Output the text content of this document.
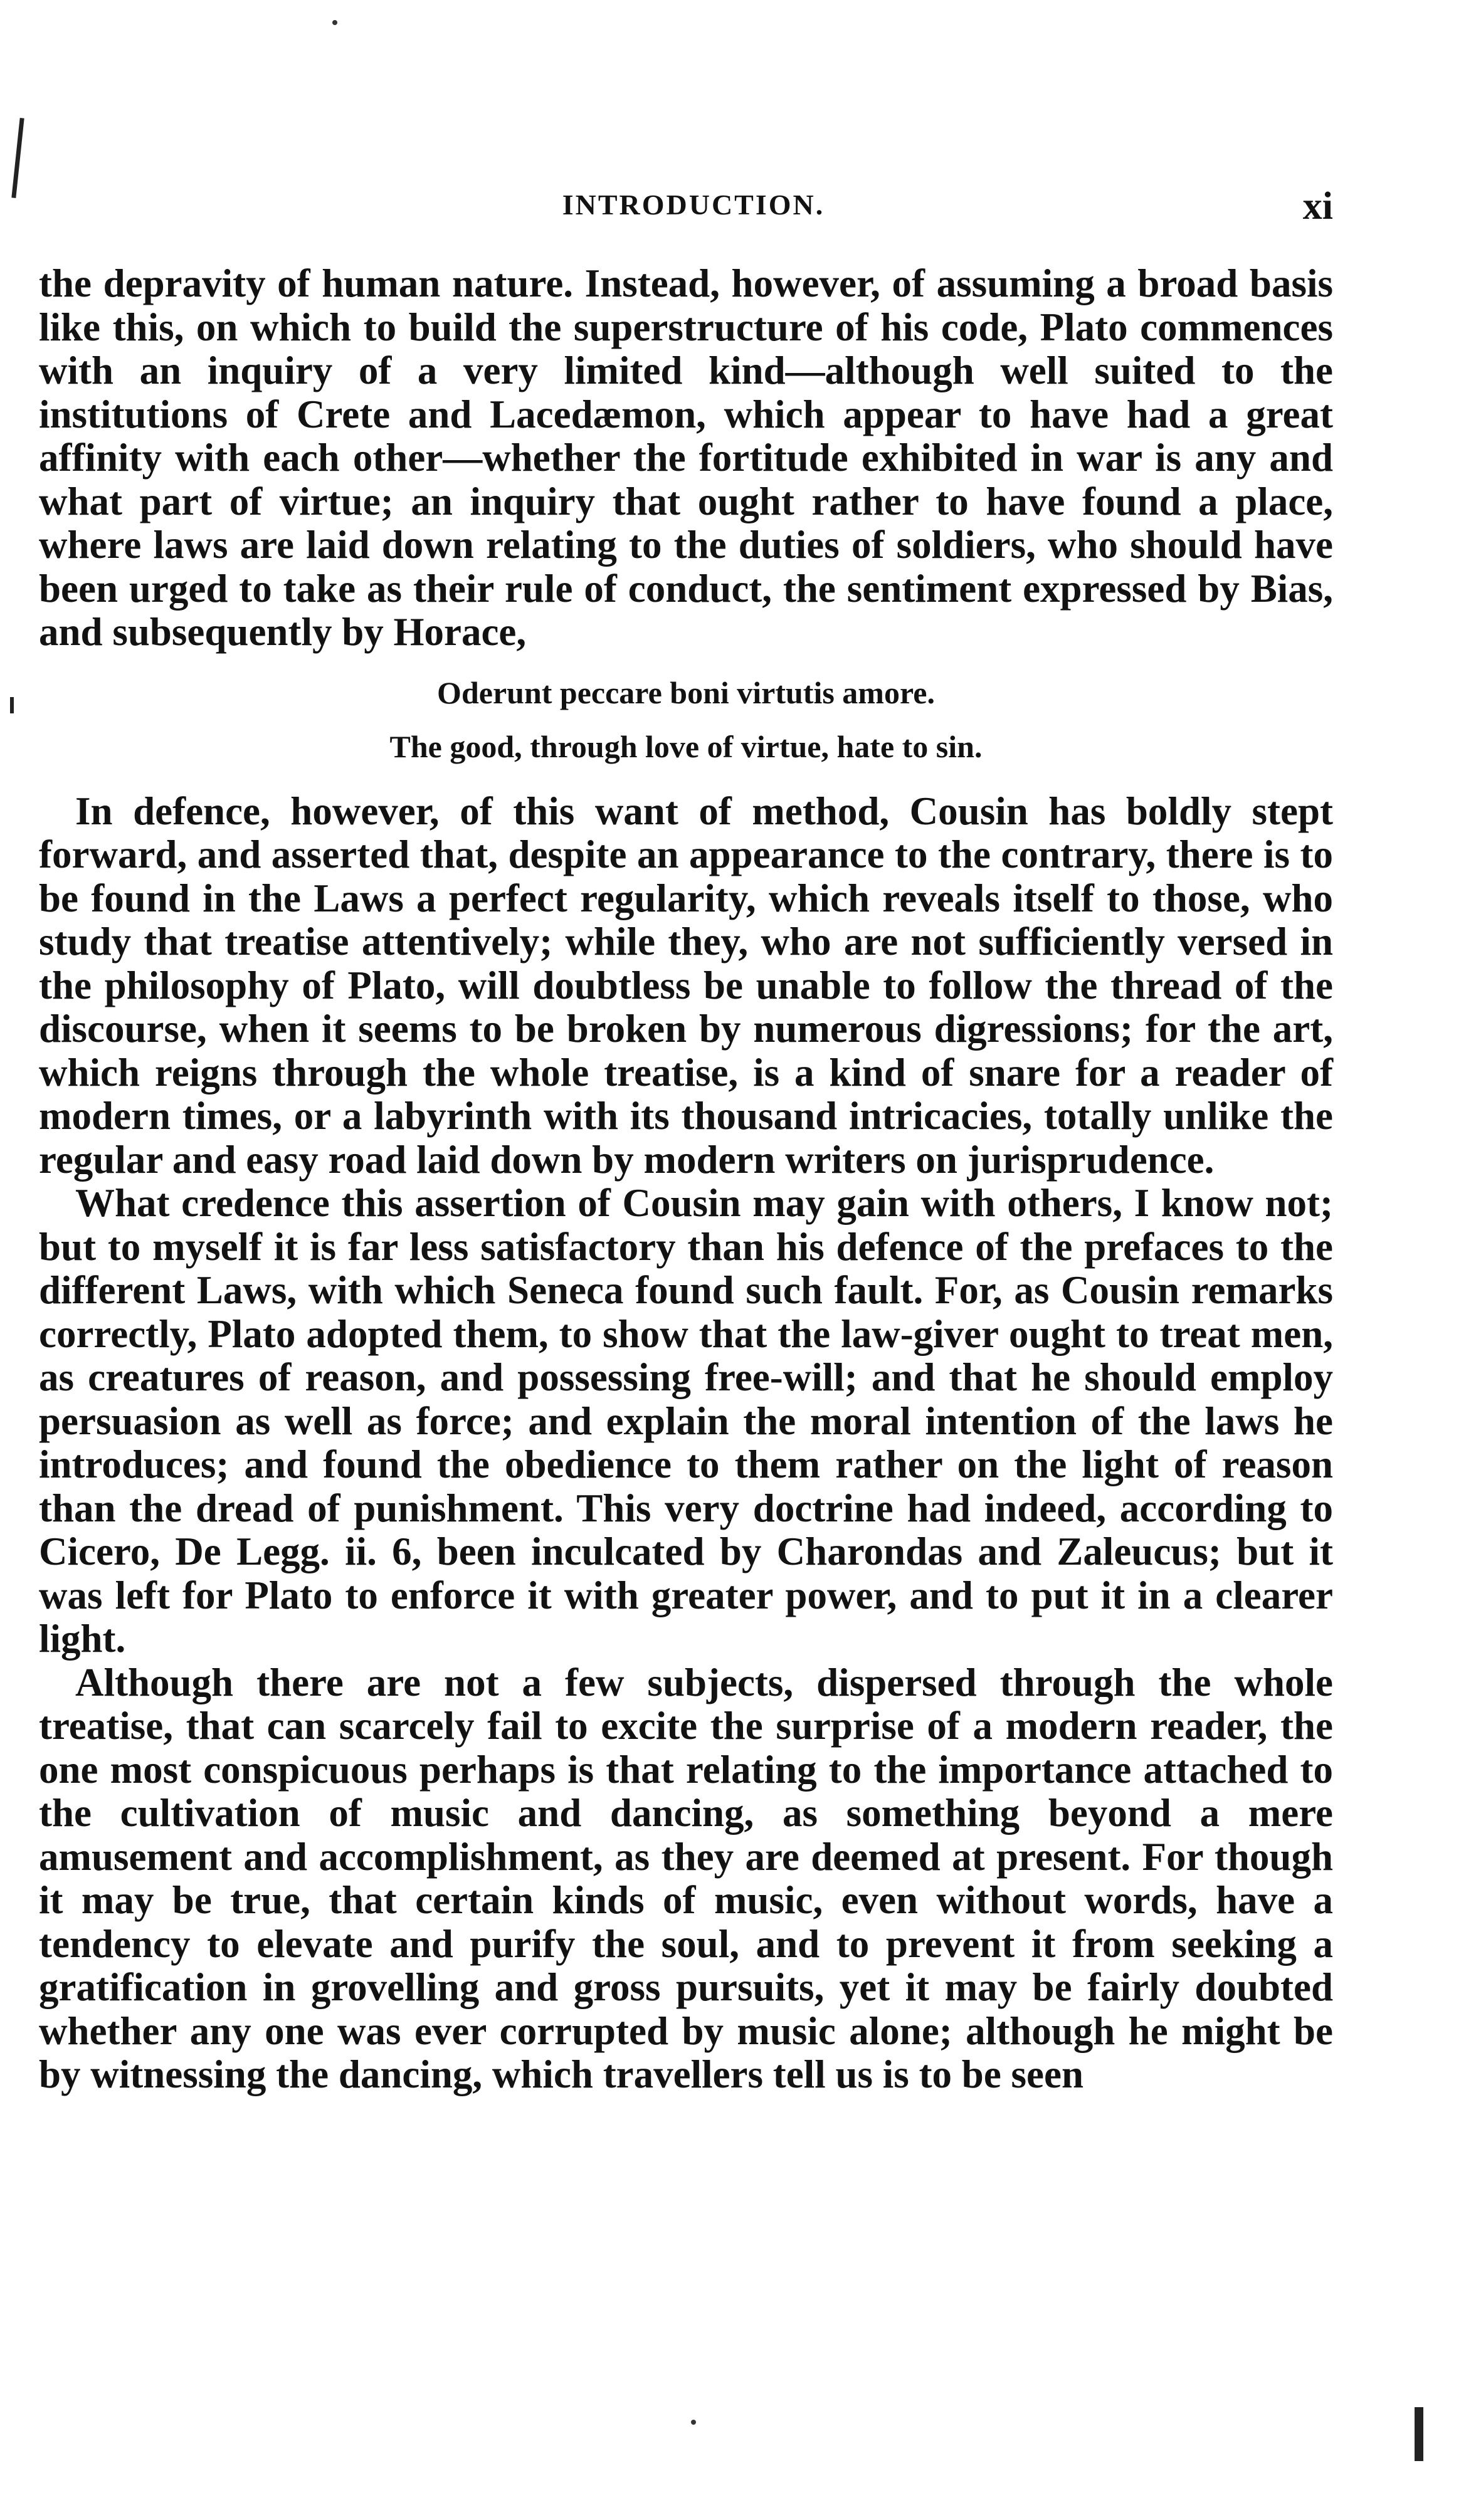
INTRODUCTION.	xi

the depravity of human nature. Instead, however, of assuming a broad basis like this, on which to build the superstructure of his code, Plato commences with an inquiry of a very limited kind—although well suited to the institutions of Crete and Lacedæmon, which appear to have had a great affinity with each other—whether the fortitude exhibited in war is any and what part of virtue; an inquiry that ought rather to have found a place, where laws are laid down relating to the duties of soldiers, who should have been urged to take as their rule of conduct, the sentiment expressed by Bias, and subsequently by Horace,

Oderunt peccare boni virtutis amore.
The good, through love of virtue, hate to sin.

In defence, however, of this want of method, Cousin has boldly stept forward, and asserted that, despite an appearance to the contrary, there is to be found in the Laws a perfect regularity, which reveals itself to those, who study that treatise attentively; while they, who are not sufficiently versed in the philosophy of Plato, will doubtless be unable to follow the thread of the discourse, when it seems to be broken by numerous digressions; for the art, which reigns through the whole treatise, is a kind of snare for a reader of modern times, or a labyrinth with its thousand intricacies, totally unlike the regular and easy road laid down by modern writers on jurisprudence.

What credence this assertion of Cousin may gain with others, I know not; but to myself it is far less satisfactory than his defence of the prefaces to the different Laws, with which Seneca found such fault. For, as Cousin remarks correctly, Plato adopted them, to show that the law-giver ought to treat men, as creatures of reason, and possessing free-will; and that he should employ persuasion as well as force; and explain the moral intention of the laws he introduces; and found the obedience to them rather on the light of reason than the dread of punishment. This very doctrine had indeed, according to Cicero, De Legg. ii. 6, been inculcated by Charondas and Zaleucus; but it was left for Plato to enforce it with greater power, and to put it in a clearer light.

Although there are not a few subjects, dispersed through the whole treatise, that can scarcely fail to excite the surprise of a modern reader, the one most conspicuous perhaps is that relating to the importance attached to the cultivation of music and dancing, as something beyond a mere amusement and accomplishment, as they are deemed at present. For though it may be true, that certain kinds of music, even without words, have a tendency to elevate and purify the soul, and to prevent it from seeking a gratification in grovelling and gross pursuits, yet it may be fairly doubted whether any one was ever corrupted by music alone; although he might be by witnessing the dancing, which travellers tell us is to be seen
